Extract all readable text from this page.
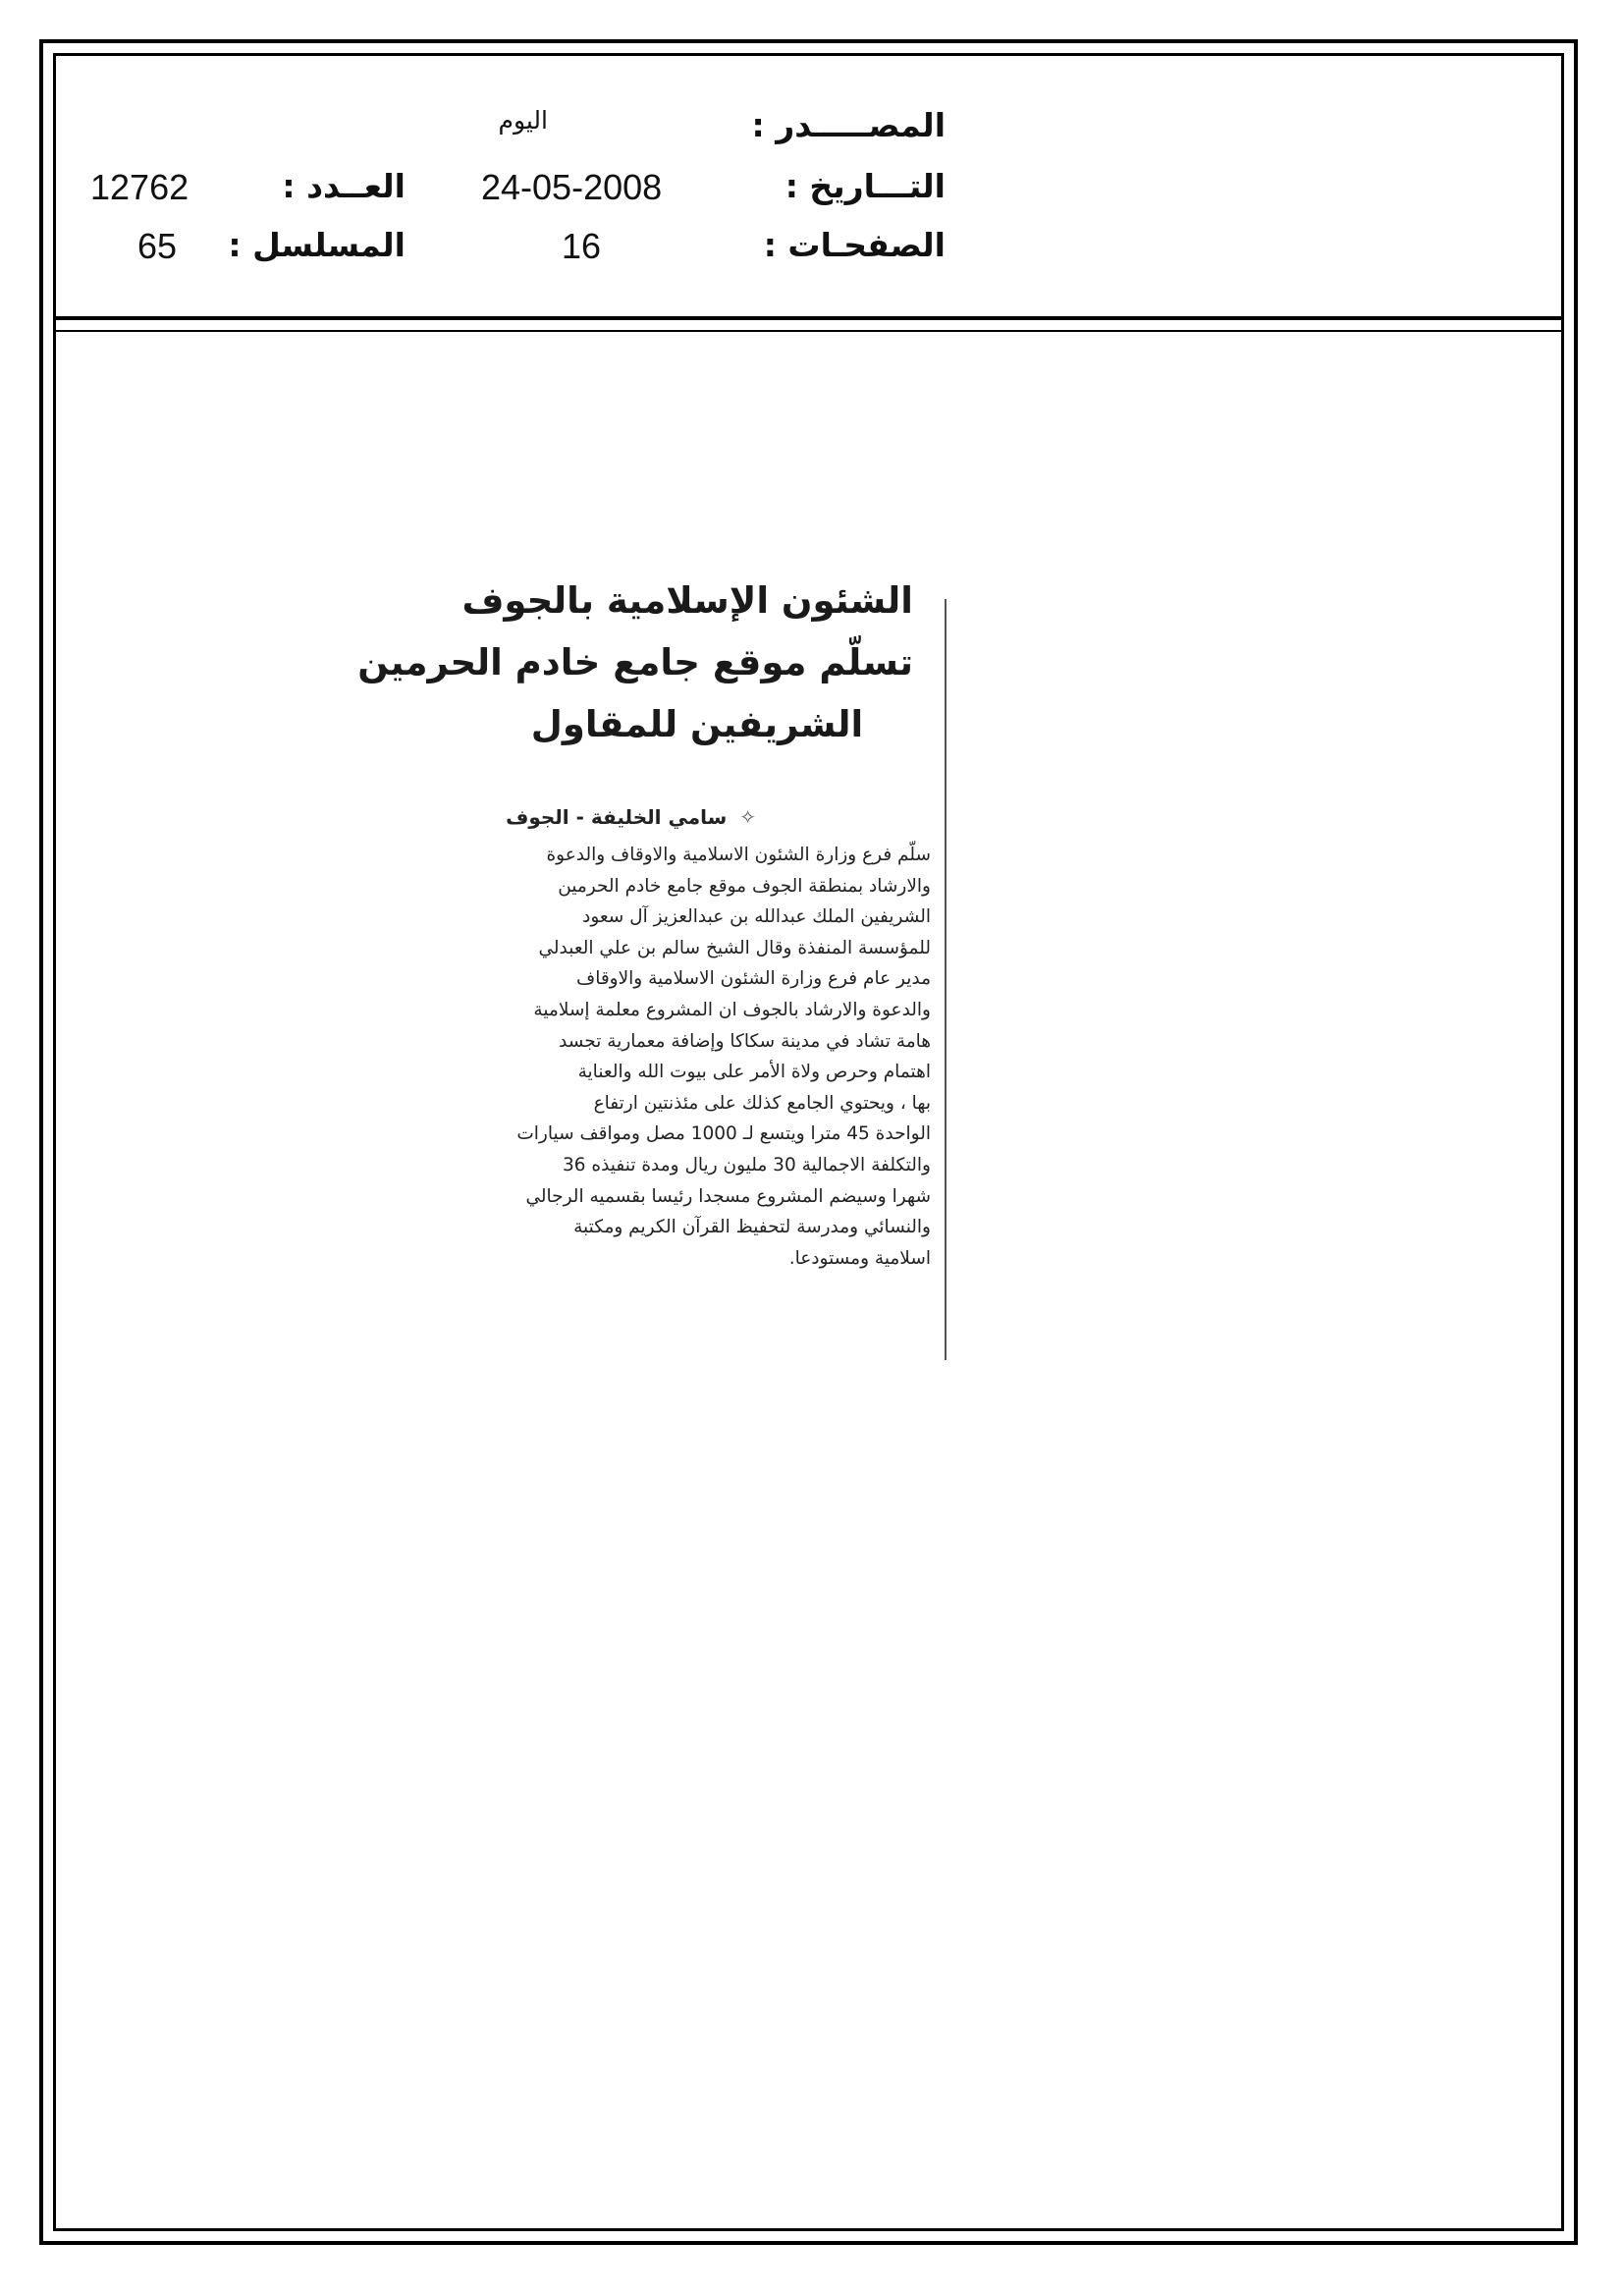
المصـــــدر :
اليوم
التـــاريخ :
24-05-2008
الصفحـات :
16
العــدد :
12762
المسلسل :
65
الشئون الإسلامية بالجوف
تسلّم موقع جامع خادم الحرمين
الشريفين للمقاول
✧ سامي الخليفة - الجوف
سلّم فرع وزارة الشئون الاسلامية والاوقاف والدعوة
والارشاد بمنطقة الجوف موقع جامع خادم الحرمين
الشريفين الملك عبدالله بن عبدالعزيز آل سعود
للمؤسسة المنفذة وقال الشيخ سالم بن علي العبدلي
مدير عام فرع وزارة الشئون الاسلامية والاوقاف
والدعوة والارشاد بالجوف ان المشروع معلمة إسلامية
هامة تشاد في مدينة سكاكا وإضافة معمارية تجسد
اهتمام وحرص ولاة الأمر على بيوت الله والعناية
بها ، ويحتوي الجامع كذلك على مئذنتين ارتفاع
الواحدة 45 مترا ويتسع لـ 1000 مصل ومواقف سيارات
والتكلفة الاجمالية 30 مليون ريال ومدة تنفيذه 36
شهرا وسيضم المشروع مسجدا رئيسا بقسميه الرجالي
والنسائي ومدرسة لتحفيظ القرآن الكريم ومكتبة
اسلامية ومستودعا.
